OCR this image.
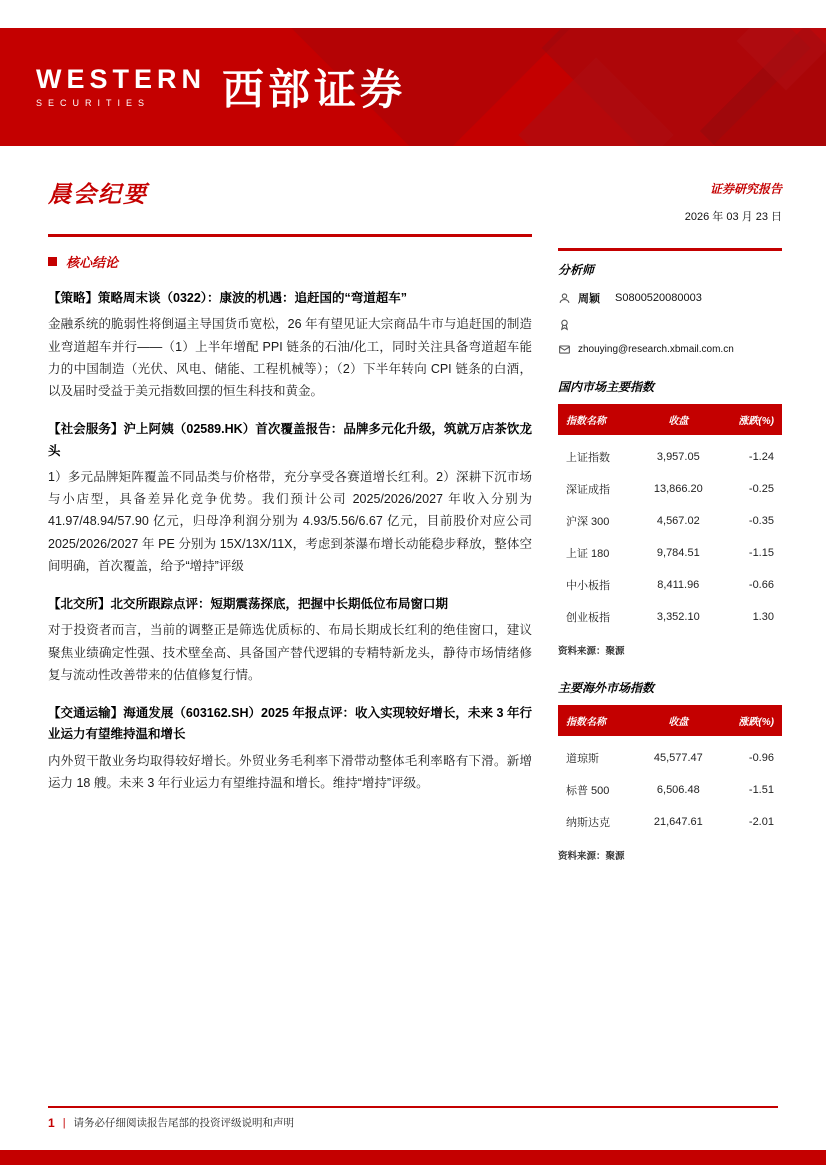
WESTERN
SECURITIES	西部证券
晨会纪要
核心结论
【策略】策略周末谈（0322）：康波的机遇：追赶国的“弯道超车”

金融系统的脆弱性将倒逼主导国货币宽松，26 年有望见证大宗商品牛市与追赶国的制造业弯道超车并行——（1）上半年增配 PPI 链条的石油/化工，同时关注具备弯道超车能力的中国制造（光伏、风电、储能、工程机械等）；（2）下半年转向 CPI 链条的白酒，以及届时受益于美元指数回摆的恒生科技和黄金。

【社会服务】沪上阿姨（02589.HK）首次覆盖报告：品牌多元化升级，筑就万店茶饮龙头

1）多元品牌矩阵覆盖不同品类与价格带，充分享受各赛道增长红利。2）深耕下沉市场与小店型，具备差异化竞争优势。我们预计公司 2025/2026/2027 年收入分别为 41.97/48.94/57.90 亿元，归母净利润分别为 4.93/5.56/6.67 亿元，目前股价对应公司 2025/2026/2027 年 PE 分别为 15X/13X/11X，考虑到茶瀑布增长动能稳步释放，整体空间明确，首次覆盖，给予“增持”评级

【北交所】北交所跟踪点评：短期震荡探底，把握中长期低位布局窗口期

对于投资者而言，当前的调整正是筛选优质标的、布局长期成长红利的绝佳窗口，建议聚焦业绩确定性强、技术壁垒高、具备国产替代逻辑的专精特新龙头，静待市场情绪修复与流动性改善带来的估值修复行情。

【交通运输】海通发展（603162.SH）2025 年报点评：收入实现较好增长，未来 3 年行业运力有望维持温和增长

内外贸干散业务均取得较好增长。外贸业务毛利率下滑带动整体毛利率略有下滑。新增运力 18 艘。未来 3 年行业运力有望维持温和增长。维持“增持”评级。

证券研究报告
2026 年 03 月 23 日
分析师
周颖 S0800520080003
zhouying@research.xbmail.com.cn
国内市场主要指数
指数名称	收盘	涨跌(%)
上证指数	3,957.05	-1.24
深证成指	13,866.20	-0.25
沪深 300	4,567.02	-0.35
上证 180	9,784.51	-1.15
中小板指	8,411.96	-0.66
创业板指	3,352.10	1.30
资料来源：聚源
主要海外市场指数
指数名称	收盘	涨跌(%)
道琼斯	45,577.47	-0.96
标普 500	6,506.48	-1.51
纳斯达克	21,647.61	-2.01
资料来源：聚源
1 | 请务必仔细阅读报告尾部的投资评级说明和声明
